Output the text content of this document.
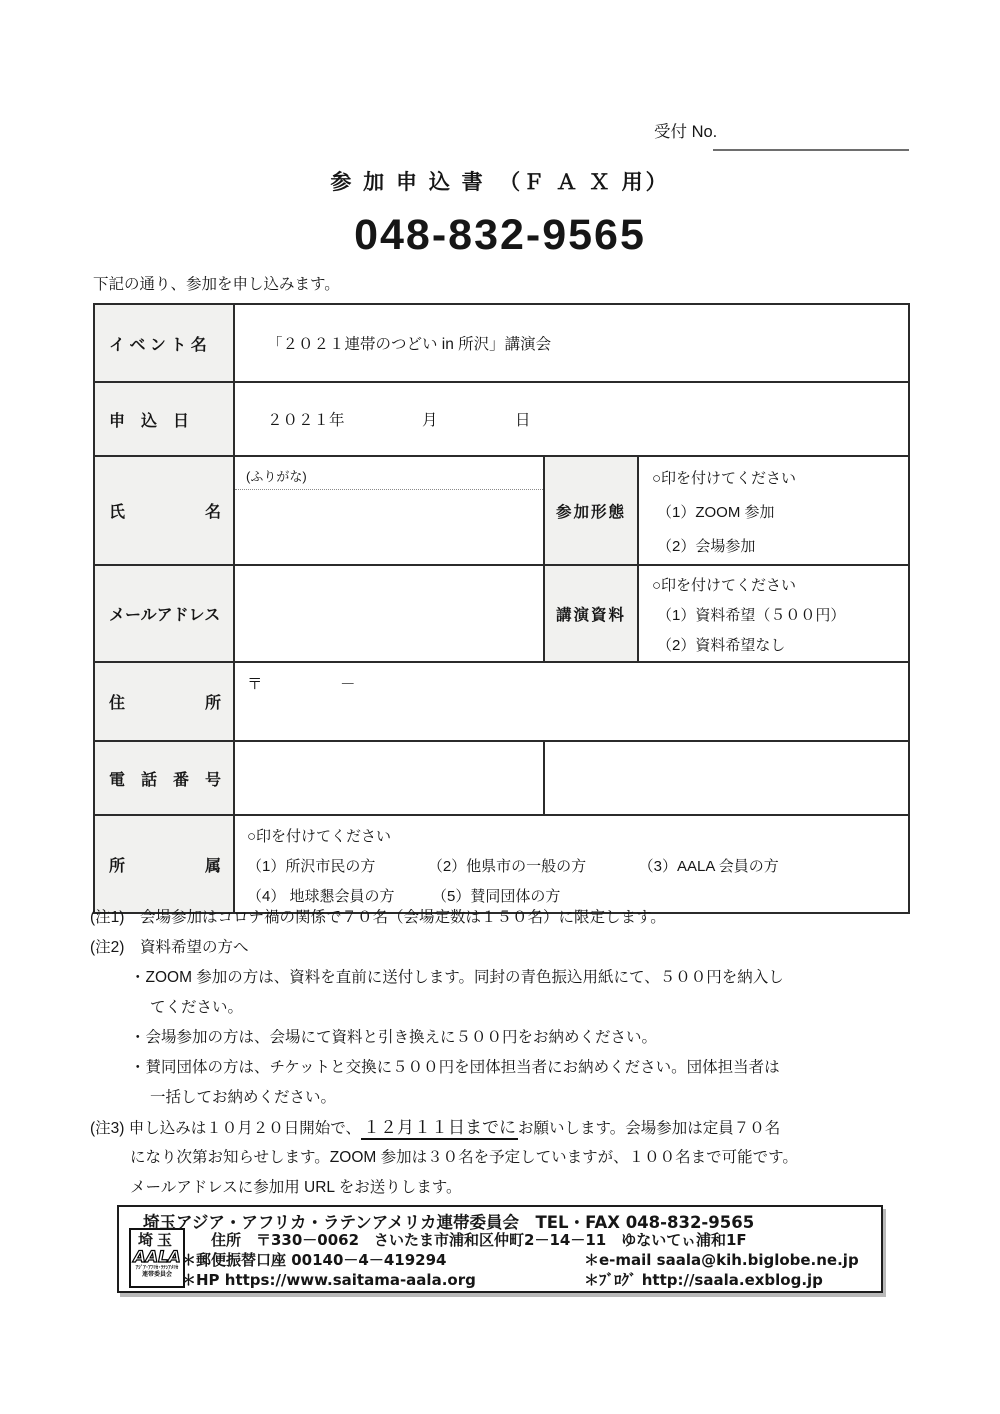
受付 No.
参 加 申 込 書　（Ｆ Ａ Ｘ 用）
048-832-9565
下記の通り、参加を申し込みます。
イ ベ ン ト 名	「２０２１連帯のつどい in 所沢」講演会		
申　込　日	２０２１年　　　　　月　　　　　日		
氏　　　　　名	(ふりがな)	参加形態	○印を付けてください
（1）ZOOM 参加
（2）会場参加

メールアドレス		講演資料	○印を付けてください
（1）資料希望（５００円）
（2）資料希望なし

住　　　　　所	〒　　　　　－		
電　話　番　号			
所　　　　　属	○印を付けてください
（1）所沢市民の方　　　　（2）他県市の一般の方　　　　（3）AALA 会員の方
（4） 地球懇会員の方　　　（5）賛同団体の方		
(注1)　会場参加はコロナ禍の関係で７０名（会場定数は１５０名）に限定します。
(注2)　資料希望の方へ
・ZOOM 参加の方は、資料を直前に送付します。同封の青色振込用紙にて、５００円を納入し
てください。
・会場参加の方は、会場にて資料と引き換えに５００円をお納めください。
・賛同団体の方は、チケットと交換に５００円を団体担当者にお納めください。団体担当者は
一括してお納めください。
(注3) 申し込みは１０月２０日開始で、 １２月１１日までに お願いします。会場参加は定員７０名
になり次第お知らせします。ZOOM 参加は３０名を予定していますが、１００名まで可能です。
メールアドレスに参加用 URL をお送りします。
埼玉
AALA
ｱｼﾞｱ･ｱﾌﾘｶ･ﾗﾃﾝｱﾒﾘｶ
連帯委員会
埼玉アジア・アフリカ・ラテンアメリカ連帯委員会　TEL・FAX 048-832-9565
住所　〒330－0062　さいたま市浦和区仲町2－14－11　ゆないてぃ浦和1F
＊郵便振替口座 00140－4－419294	＊e-mail saala@kih.biglobe.ne.jp
＊HP https://www.saitama-aala.org	＊ﾌﾞﾛｸﾞ http://saala.exblog.jp
